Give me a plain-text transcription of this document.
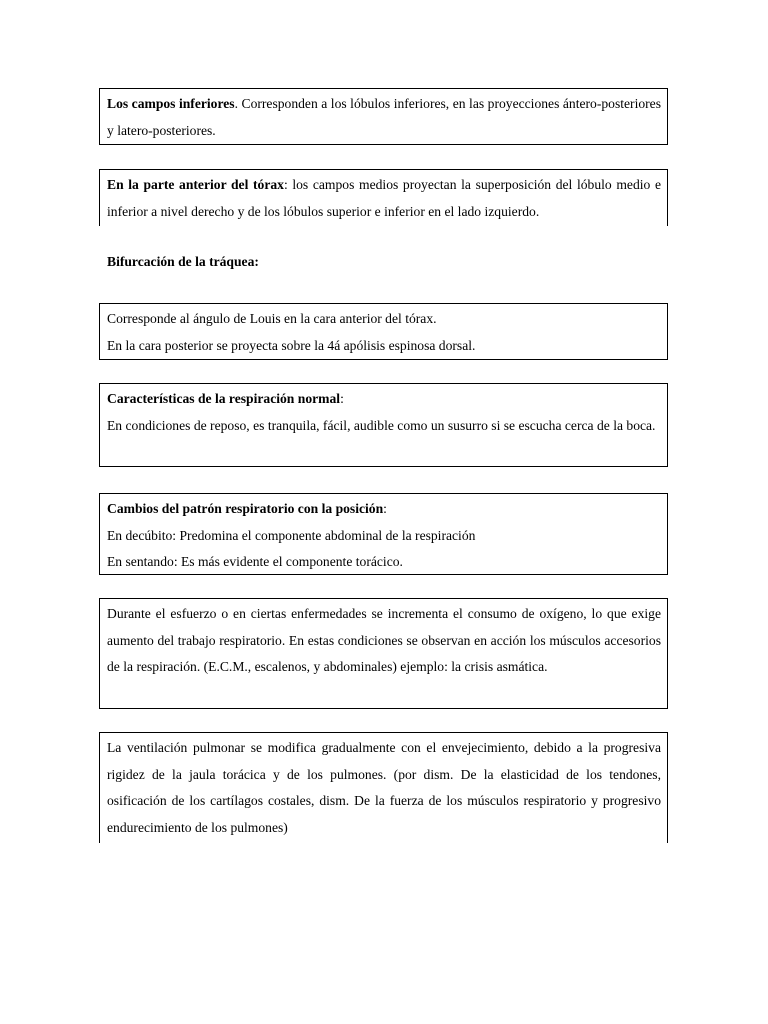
Los campos inferiores. Corresponden a los lóbulos inferiores, en las proyecciones ántero-posteriores y latero-posteriores.

En la parte anterior del tórax: los campos medios proyectan la superposición del lóbulo medio e inferior a nivel derecho y de los lóbulos superior e inferior en el lado izquierdo.

Bifurcación de la tráquea:

Corresponde al ángulo de Louis en la cara anterior del tórax.

En la cara posterior se proyecta sobre la 4á apólisis espinosa dorsal.

Características de la respiración normal:

En condiciones de reposo, es tranquila, fácil, audible como un susurro si se escucha cerca de la boca.

Cambios del patrón respiratorio con la posición:

En decúbito: Predomina el componente abdominal de la respiración

En sentando: Es más evidente el componente torácico.

Durante el esfuerzo o en ciertas enfermedades se incrementa el consumo de oxígeno, lo que exige aumento del trabajo respiratorio. En estas condiciones se observan en acción los músculos accesorios de la respiración. (E.C.M., escalenos, y abdominales) ejemplo: la crisis asmática.

La ventilación pulmonar se modifica gradualmente con el envejecimiento, debido a la progresiva rigidez de la jaula torácica y de los pulmones. (por dism. De la elasticidad de los tendones, osificación de los cartílagos costales, dism. De la fuerza de los músculos respiratorio y progresivo endurecimiento de los pulmones)
